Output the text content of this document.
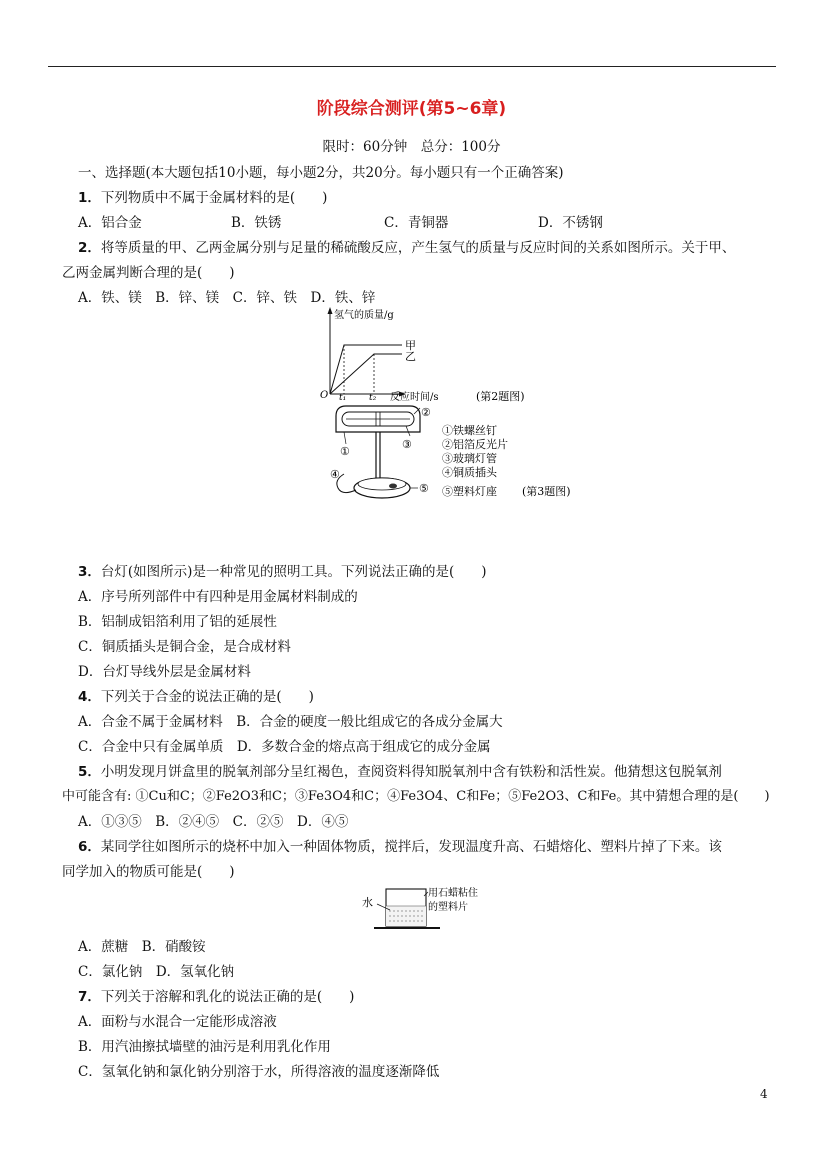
阶段综合测评(第5~6章)
限时：60分钟　总分：100分
一、选择题(本大题包括10小题，每小题2分，共20分。每小题只有一个正确答案)
1．下列物质中不属于金属材料的是(　　)
A．铝合金	B．铁锈	C．青铜器	D．不锈钢
2．将等质量的甲、乙两金属分别与足量的稀硫酸反应，产生氢气的质量与反应时间的关系如图所示。关于甲、
乙两金属判断合理的是(　　)
A．铁、镁　B．锌、镁　C．锌、铁　D．铁、锌
氢气的质量/g
甲
乙
O t₁	t₂ 反应时间/s	(第2题图)
①
②
③
④
⑤
①铁螺丝钉
②铝箔反光片
③玻璃灯管
④铜质插头
⑤塑料灯座 (第3题图)
3．台灯(如图所示)是一种常见的照明工具。下列说法正确的是(　　)
A．序号所列部件中有四种是用金属材料制成的
B．铝制成铝箔利用了铝的延展性
C．铜质插头是铜合金，是合成材料
D．台灯导线外层是金属材料
4．下列关于合金的说法正确的是(　　)
A．合金不属于金属材料　B．合金的硬度一般比组成它的各成分金属大
C．合金中只有金属单质　D．多数合金的熔点高于组成它的成分金属
5．小明发现月饼盒里的脱氧剂部分呈红褐色，查阅资料得知脱氧剂中含有铁粉和活性炭。他猜想这包脱氧剂
中可能含有: ①Cu和C；②Fe2O3和C；③Fe3O4和C；④Fe3O4、C和Fe；⑤Fe2O3、C和Fe。其中猜想合理的是(　　)
A．①③⑤　B．②④⑤　C．②⑤　D．④⑤
6．某同学往如图所示的烧杯中加入一种固体物质，搅拌后，发现温度升高、石蜡熔化、塑料片掉了下来。该
同学加入的物质可能是(　　)
水
用石蜡粘住
的塑料片
A．蔗糖　B．硝酸铵
C．氯化钠　D．氢氧化钠
7．下列关于溶解和乳化的说法正确的是(　　)
A．面粉与水混合一定能形成溶液
B．用汽油擦拭墙壁的油污是利用乳化作用
C．氢氧化钠和氯化钠分别溶于水，所得溶液的温度逐渐降低
4
